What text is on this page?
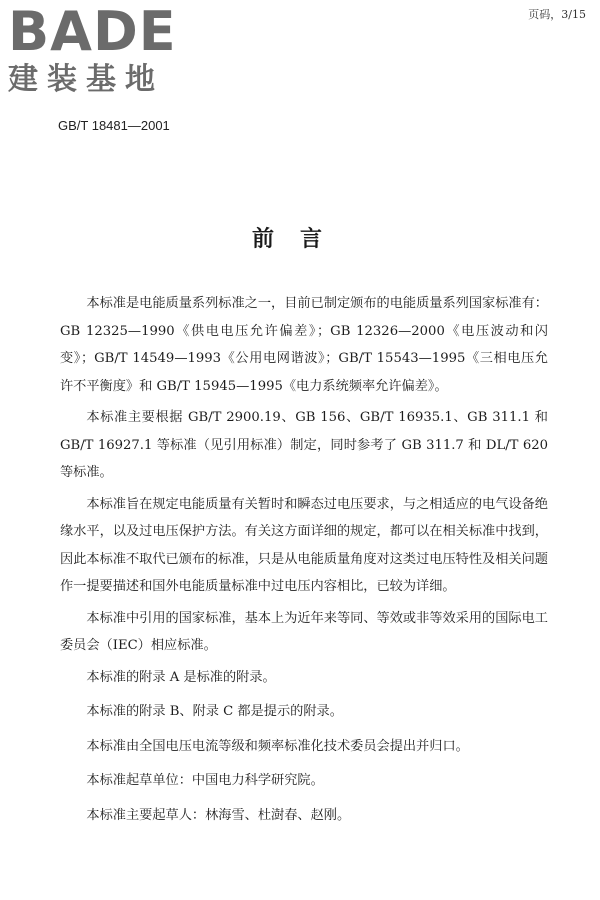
BADE
建装基地
页码，3/15
GB/T 18481—2001
前言

本标准是电能质量系列标准之一，目前已制定颁布的电能质量系列国家标准有：GB 12325—1990《供电电压允许偏差》；GB 12326—2000《电压波动和闪变》；GB/T 14549—1993《公用电网谐波》；GB/T 15543—1995《三相电压允许不平衡度》和 GB/T 15945—1995《电力系统频率允许偏差》。

本标准主要根据 GB/T 2900.19、GB 156、GB/T 16935.1、GB 311.1 和 GB/T 16927.1 等标准（见引用标准）制定，同时参考了 GB 311.7 和 DL/T 620 等标准。

本标准旨在规定电能质量有关暂时和瞬态过电压要求，与之相适应的电气设备绝缘水平，以及过电压保护方法。有关这方面详细的规定，都可以在相关标准中找到，因此本标准不取代已颁布的标准，只是从电能质量角度对这类过电压特性及相关问题作一提要描述和国外电能质量标准中过电压内容相比，已较为详细。

本标准中引用的国家标准，基本上为近年来等同、等效或非等效采用的国际电工委员会（IEC）相应标准。

本标准的附录 A 是标准的附录。

本标准的附录 B、附录 C 都是提示的附录。

本标准由全国电压电流等级和频率标准化技术委员会提出并归口。

本标准起草单位：中国电力科学研究院。

本标准主要起草人：林海雪、杜澍春、赵刚。
